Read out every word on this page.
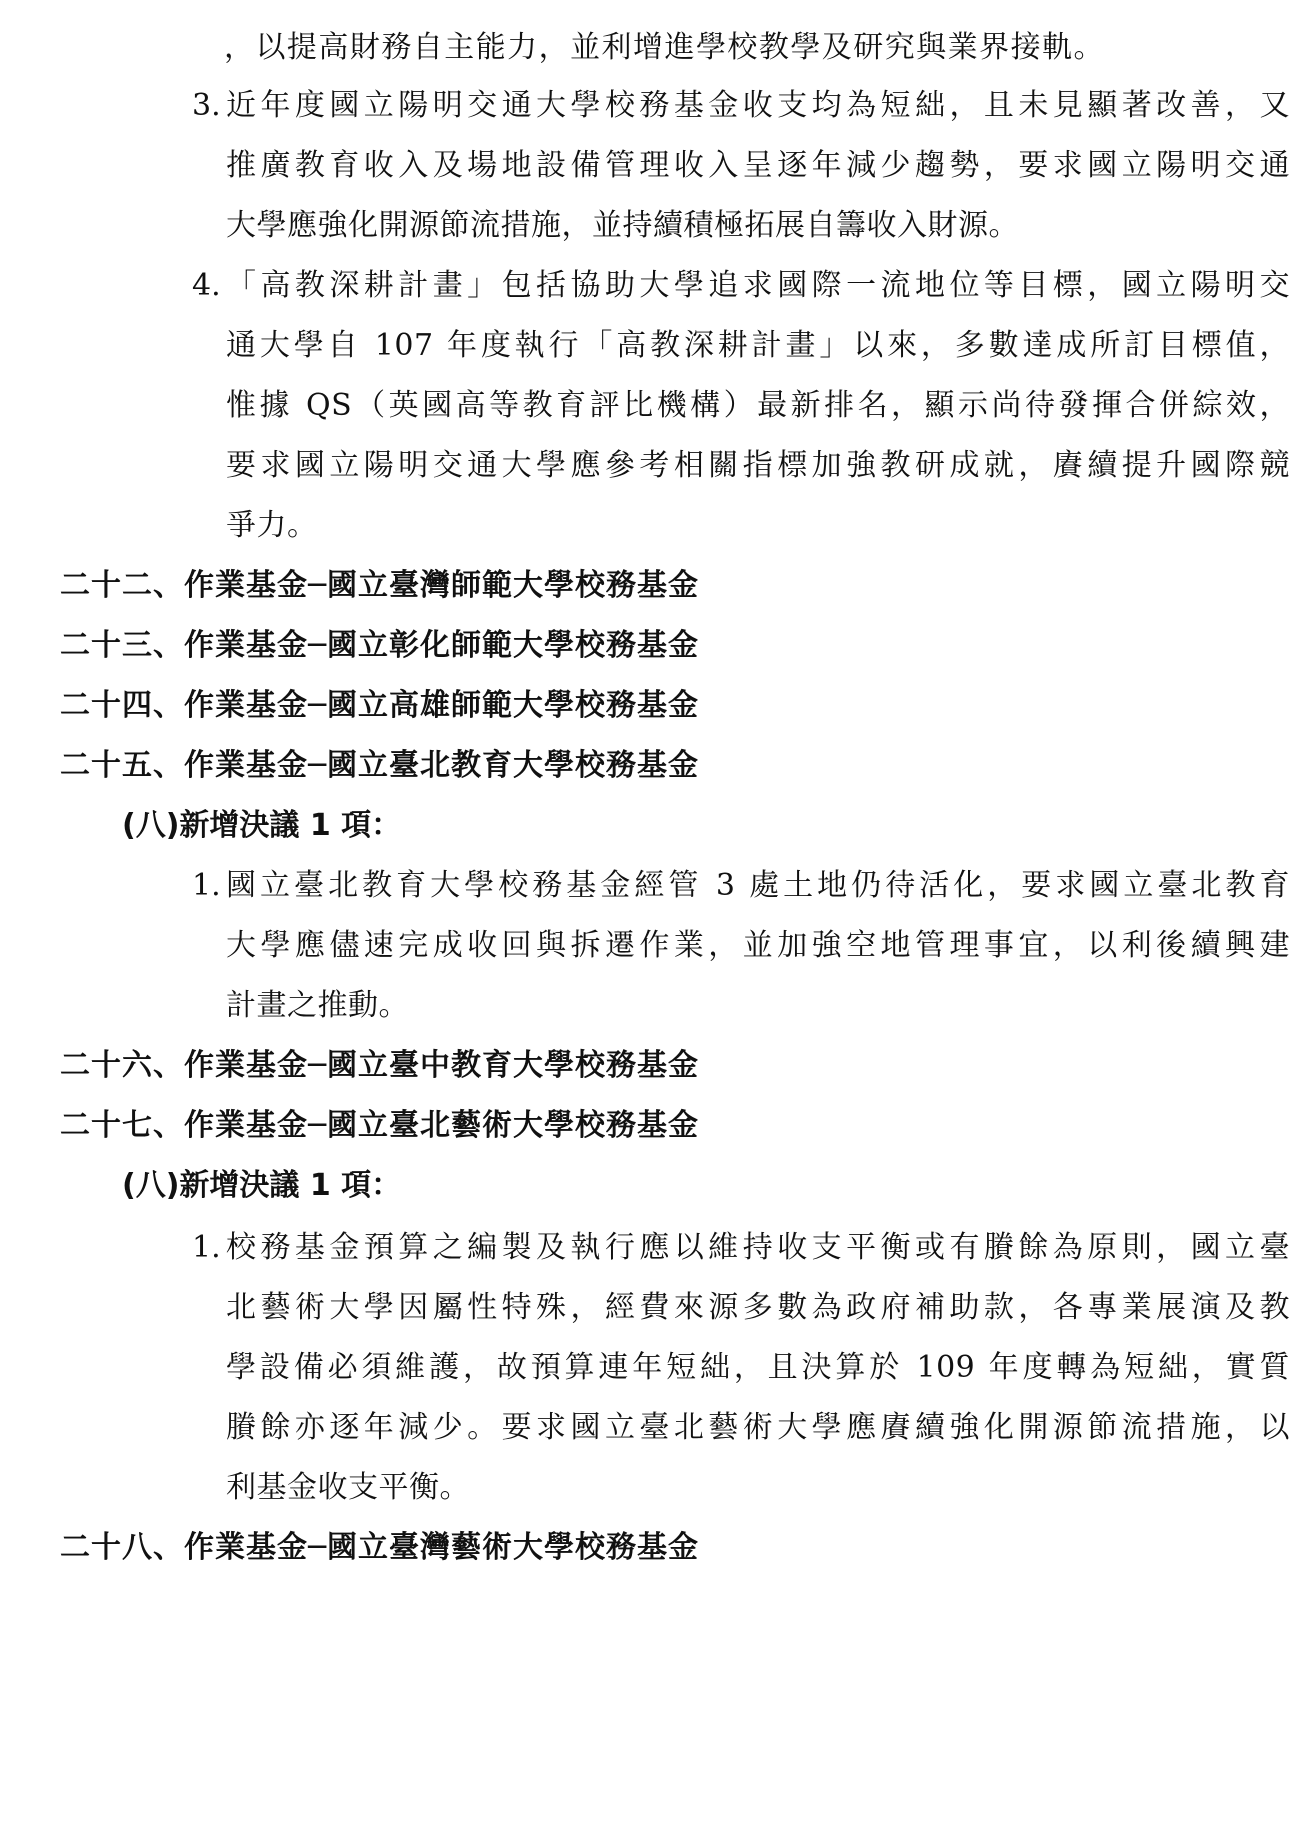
，以提高財務自主能力，並利增進學校教學及研究與業界接軌。
3. 近年度國立陽明交通大學校務基金收支均為短絀，且未見顯著改善，又
推廣教育收入及場地設備管理收入呈逐年減少趨勢，要求國立陽明交通
大學應強化開源節流措施，並持續積極拓展自籌收入財源。
4. 「高教深耕計畫」包括協助大學追求國際一流地位等目標，國立陽明交
通大學自 107 年度執行「高教深耕計畫」以來，多數達成所訂目標值，
惟據 QS（英國高等教育評比機構）最新排名，顯示尚待發揮合併綜效，
要求國立陽明交通大學應參考相關指標加強教研成就，賡續提升國際競
爭力。
二十二、作業基金─國立臺灣師範大學校務基金
二十三、作業基金─國立彰化師範大學校務基金
二十四、作業基金─國立高雄師範大學校務基金
二十五、作業基金─國立臺北教育大學校務基金
(八)新增決議 1 項：
1. 國立臺北教育大學校務基金經管 3 處土地仍待活化，要求國立臺北教育
大學應儘速完成收回與拆遷作業，並加強空地管理事宜，以利後續興建
計畫之推動。
二十六、作業基金─國立臺中教育大學校務基金
二十七、作業基金─國立臺北藝術大學校務基金
(八)新增決議 1 項：
1. 校務基金預算之編製及執行應以維持收支平衡或有賸餘為原則，國立臺
北藝術大學因屬性特殊，經費來源多數為政府補助款，各專業展演及教
學設備必須維護，故預算連年短絀，且決算於 109 年度轉為短絀，實質
賸餘亦逐年減少。要求國立臺北藝術大學應賡續強化開源節流措施，以
利基金收支平衡。
二十八、作業基金─國立臺灣藝術大學校務基金
